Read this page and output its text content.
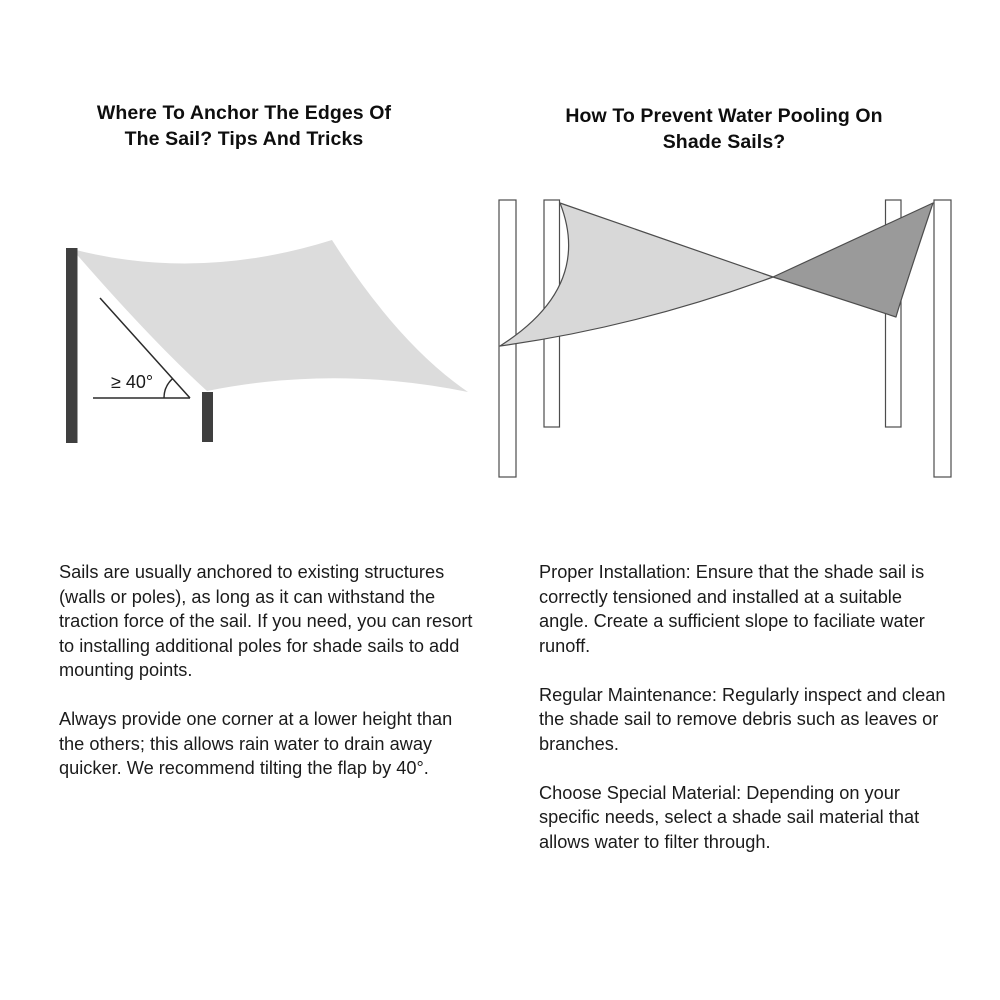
Where To Anchor The Edges Of
The Sail? Tips And Tricks
How To Prevent Water Pooling On
Shade Sails?
≥ 40°

Sails are usually anchored to existing structures (walls or poles), as long as it can withstand the traction force of the sail. If you need, you can resort to installing additional poles for shade sails to add mounting points.

Always provide one corner at a lower height than the others; this allows rain water to drain away quicker. We recommend tilting the flap by 40°.

Proper Installation: Ensure that the shade sail is correctly tensioned and installed at a suitable angle. Create a sufficient slope to faciliate water runoff.

Regular Maintenance: Regularly inspect and clean the shade sail to remove debris such as leaves or branches.

Choose Special Material: Depending on your specific needs, select a shade sail material that allows water to filter through.
